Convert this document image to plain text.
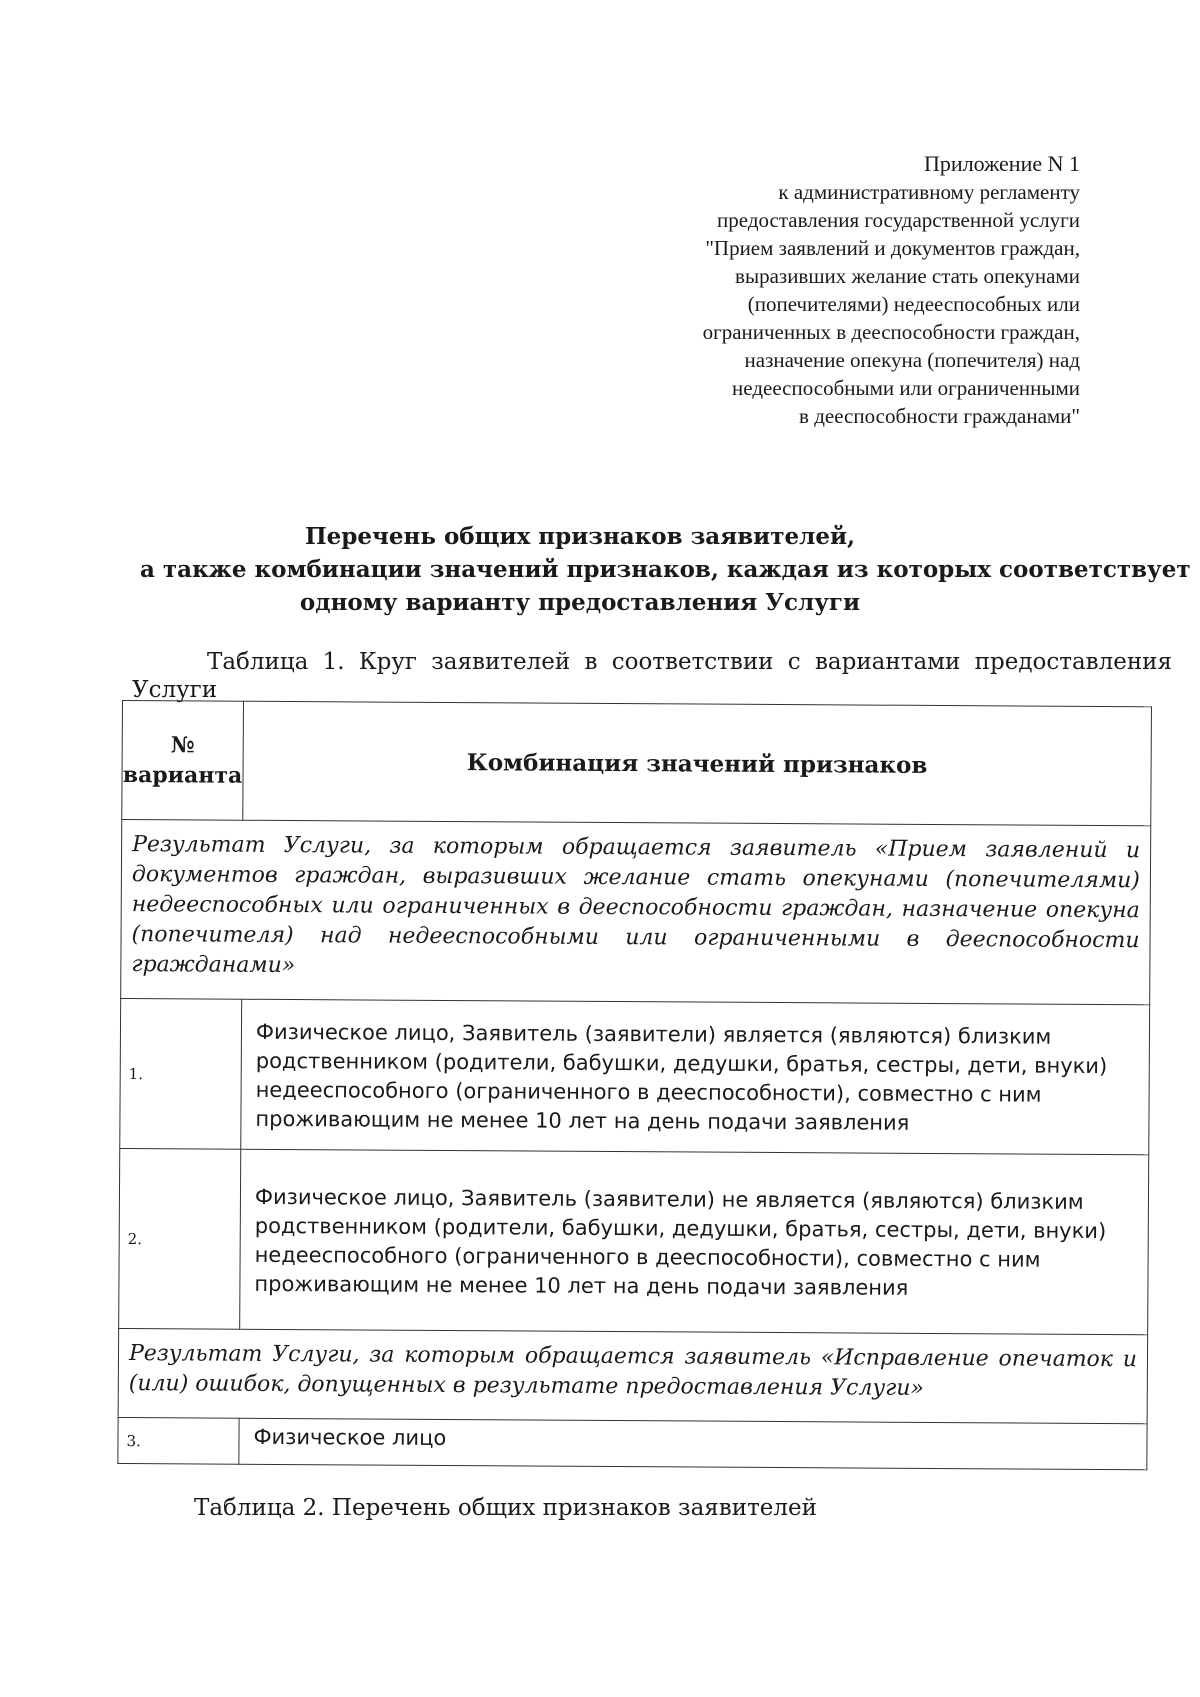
Приложение N 1
к административному регламенту
предоставления государственной услуги
"Прием заявлений и документов граждан,
выразивших желание стать опекунами
(попечителями) недееспособных или
ограниченных в дееспособности граждан,
назначение опекуна (попечителя) над
недееспособными или ограниченными
в дееспособности гражданами"
Перечень общих признаков заявителей,
а также комбинации значений признаков, каждая из которых соответствует
одному варианту предоставления Услуги
Таблица 1. Круг заявителей в соответствии с вариантами предоставления Услуги
№ варианта	Комбинация значений признаков
Результат Услуги, за которым обращается заявитель «Прием заявлений и документов граждан, выразивших желание стать опекунами (попечителями) недееспособных или ограниченных в дееспособности граждан, назначение опекуна (попечителя) над недееспособными или ограниченными в дееспособности гражданами»	
1.	Физическое лицо, Заявитель (заявители) является (являются) близким родственником (родители, бабушки, дедушки, братья, сестры, дети, внуки) недееспособного (ограниченного в дееспособности), совместно с ним проживающим не менее 10 лет на день подачи заявления
2.	Физическое лицо, Заявитель (заявители) не является (являются) близким родственником (родители, бабушки, дедушки, братья, сестры, дети, внуки) недееспособного (ограниченного в дееспособности), совместно с ним проживающим не менее 10 лет на день подачи заявления
Результат Услуги, за которым обращается заявитель «Исправление опечаток и (или) ошибок, допущенных в результате предоставления Услуги»	
3.	Физическое лицо
Таблица 2. Перечень общих признаков заявителей
